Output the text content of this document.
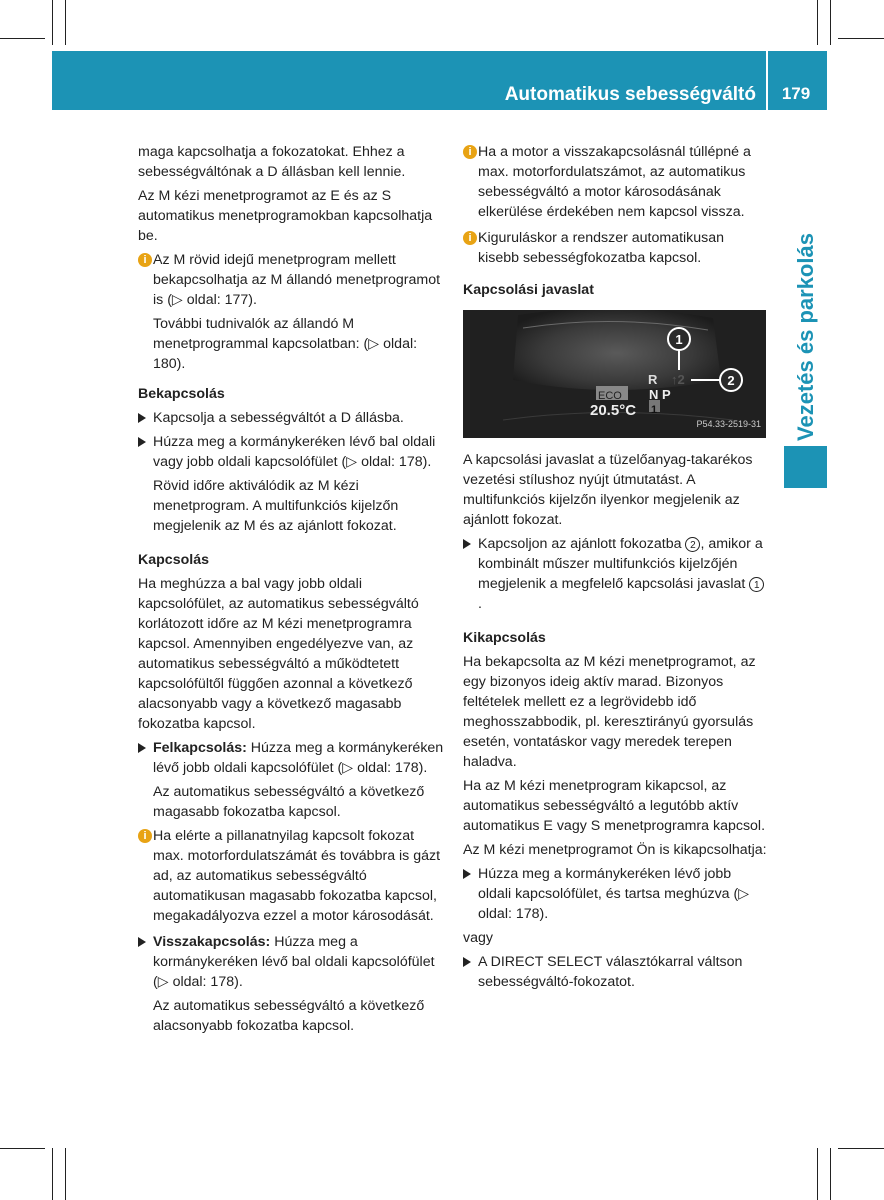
Automatikus sebességváltó	179
Vezetés és parkolás

maga kapcsolhatja a fokozatokat. Ehhez a sebességváltónak a D állásban kell lennie.

Az M kézi menetprogramot az E és az S automatikus menetprogramokban kapcsolhatja be.

i Az M rövid idejű menetprogram mellett bekapcsolhatja az M állandó menetprogramot is (▷ oldal: 177).

További tudnivalók az állandó M menetprogrammal kapcsolatban: (▷ oldal: 180).

Bekapcsolás
Kapcsolja a sebességváltót a D állásba.
Húzza meg a kormánykeréken lévő bal oldali vagy jobb oldali kapcsolófület (▷ oldal: 178).

Rövid időre aktiválódik az M kézi menetprogram. A multifunkciós kijelzőn megjelenik az M és az ajánlott fokozat.

Kapcsolás

Ha meghúzza a bal vagy jobb oldali kapcsolófület, az automatikus sebességváltó korlátozott időre az M kézi menetprogramra kapcsol. Amennyiben engedélyezve van, az automatikus sebességváltó a működtetett kapcsolófültől függően azonnal a következő alacsonyabb vagy a következő magasabb fokozatba kapcsol.

Felkapcsolás: Húzza meg a kormánykeréken lévő jobb oldali kapcsolófület (▷ oldal: 178).

Az automatikus sebességváltó a következő magasabb fokozatba kapcsol.

i Ha elérte a pillanatnyilag kapcsolt fokozat max. motorfordulatszámát és továbbra is gázt ad, az automatikus sebességváltó automatikusan magasabb fokozatba kapcsol, megakadályozva ezzel a motor károsodását.
Visszakapcsolás: Húzza meg a kormánykeréken lévő bal oldali kapcsolófület (▷ oldal: 178).

Az automatikus sebességváltó a következő alacsonyabb fokozatba kapcsol.

i Ha a motor a visszakapcsolásnál túllépné a max. motorfordulatszámot, az automatikus sebességváltó a motor károsodásának elkerülése érdekében nem kapcsol vissza.
i Kiguruláskor a rendszer automatikusan kisebb sebességfokozatba kapcsol.
Kapcsolási javaslat
1
2
R ↑2
ECO N P
20.5°C 1
P54.33-2519-31

A kapcsolási javaslat a tüzelőanyag-takarékos vezetési stílushoz nyújt útmutatást. A multifunkciós kijelzőn ilyenkor megjelenik az ajánlott fokozat.

Kapcsoljon az ajánlott fokozatba 2 , amikor a kombinált műszer multifunkciós kijelzőjén megjelenik a megfelelő kapcsolási javaslat 1.
Kikapcsolás

Ha bekapcsolta az M kézi menetprogramot, az egy bizonyos ideig aktív marad. Bizonyos feltételek mellett ez a legrövidebb idő meghosszabbodik, pl. keresztirányú gyorsulás esetén, vontatáskor vagy meredek terepen haladva.

Ha az M kézi menetprogram kikapcsol, az automatikus sebességváltó a legutóbb aktív automatikus E vagy S menetprogramra kapcsol.

Az M kézi menetprogramot Ön is kikapcsolhatja:

Húzza meg a kormánykeréken lévő jobb oldali kapcsolófület, és tartsa meghúzva (▷ oldal: 178).

vagy

A DIRECT SELECT választókarral váltson sebességváltó-fokozatot.
